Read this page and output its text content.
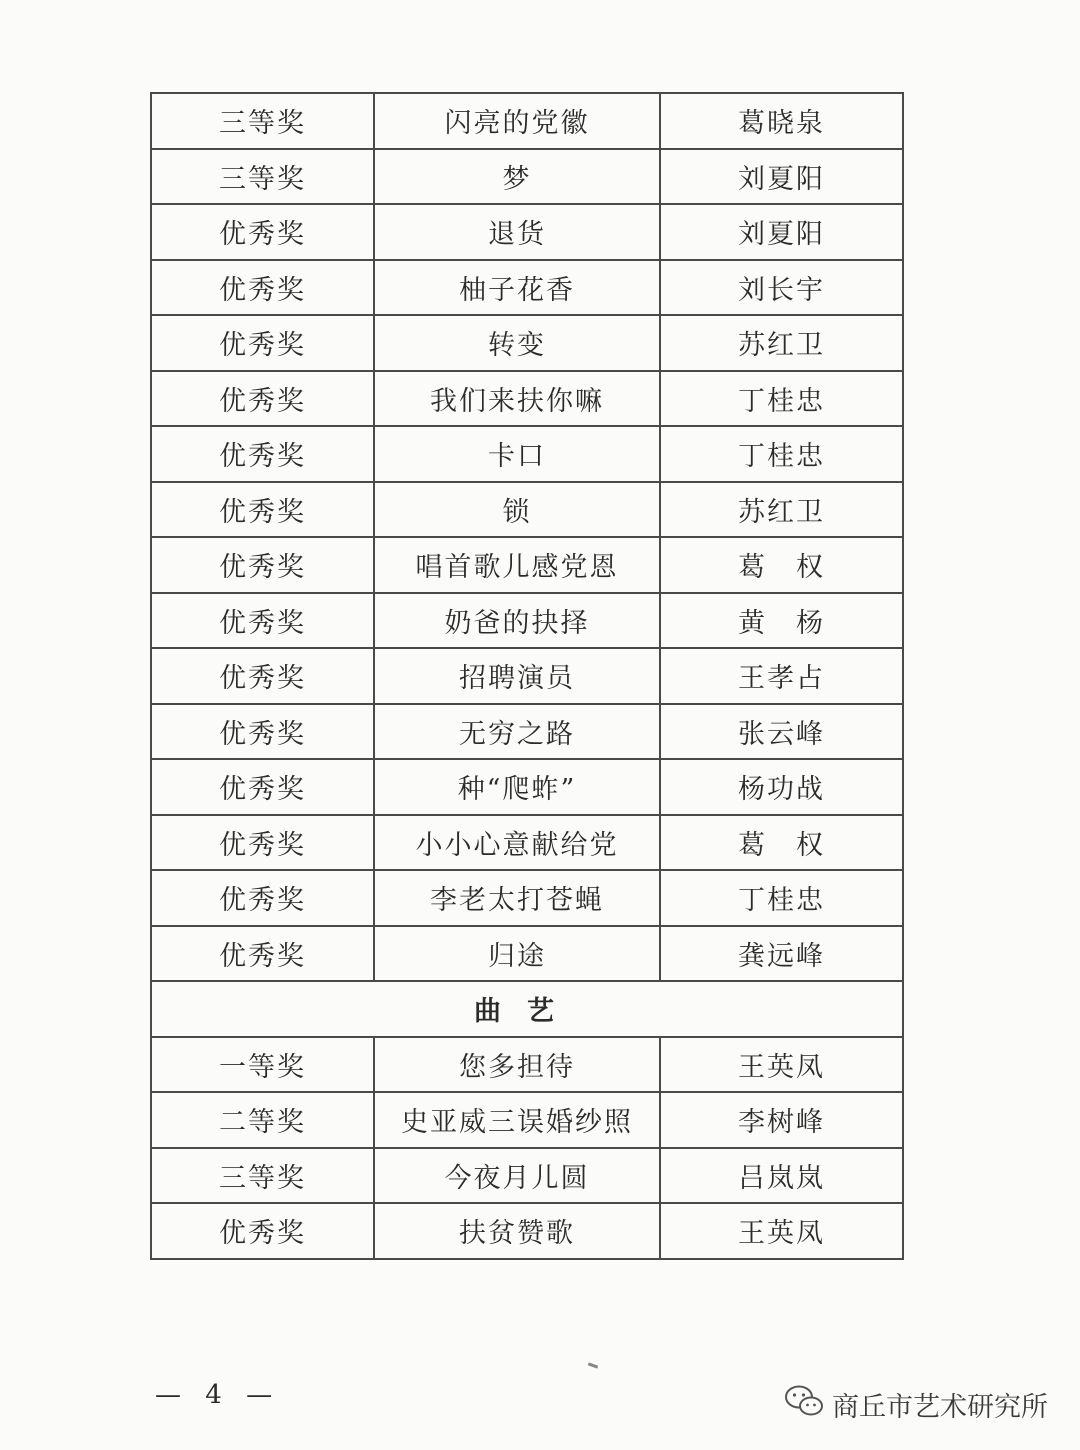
三等奖	闪亮的党徽	葛晓泉
三等奖	梦	刘夏阳
优秀奖	退货	刘夏阳
优秀奖	柚子花香	刘长宇
优秀奖	转变	苏红卫
优秀奖	我们来扶你嘛	丁桂忠
优秀奖	卡口	丁桂忠
优秀奖	锁	苏红卫
优秀奖	唱首歌儿感党恩	葛　权
优秀奖	奶爸的抉择	黄　杨
优秀奖	招聘演员	王孝占
优秀奖	无穷之路	张云峰
优秀奖	种“爬蚱”	杨功战
优秀奖	小小心意献给党	葛　权
优秀奖	李老太打苍蝇	丁桂忠
优秀奖	归途	龚远峰
曲艺		
一等奖	您多担待	王英凤
二等奖	史亚威三误婚纱照	李树峰
三等奖	今夜月儿圆	吕岚岚
优秀奖	扶贫赞歌	王英凤
— 4 —	商丘市艺术研究所
